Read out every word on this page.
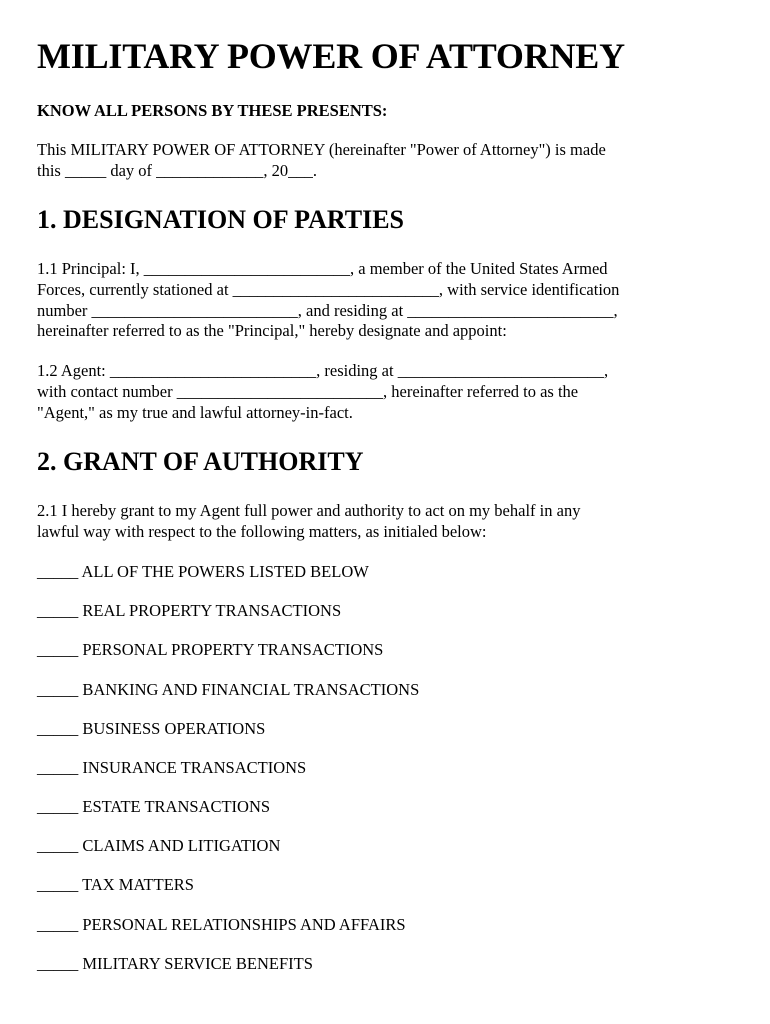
MILITARY POWER OF ATTORNEY
KNOW ALL PERSONS BY THESE PRESENTS:
This MILITARY POWER OF ATTORNEY (hereinafter "Power of Attorney") is made
this _____ day of _____________, 20___.
1. DESIGNATION OF PARTIES
1.1 Principal: I, _________________________, a member of the United States Armed
Forces, currently stationed at _________________________, with service identification
number _________________________, and residing at _________________________,
hereinafter referred to as the "Principal," hereby designate and appoint:
1.2 Agent: _________________________, residing at _________________________,
with contact number _________________________, hereinafter referred to as the
"Agent," as my true and lawful attorney-in-fact.
2. GRANT OF AUTHORITY
2.1 I hereby grant to my Agent full power and authority to act on my behalf in any
lawful way with respect to the following matters, as initialed below:
_____ ALL OF THE POWERS LISTED BELOW
_____ REAL PROPERTY TRANSACTIONS
_____ PERSONAL PROPERTY TRANSACTIONS
_____ BANKING AND FINANCIAL TRANSACTIONS
_____ BUSINESS OPERATIONS
_____ INSURANCE TRANSACTIONS
_____ ESTATE TRANSACTIONS
_____ CLAIMS AND LITIGATION
_____ TAX MATTERS
_____ PERSONAL RELATIONSHIPS AND AFFAIRS
_____ MILITARY SERVICE BENEFITS
